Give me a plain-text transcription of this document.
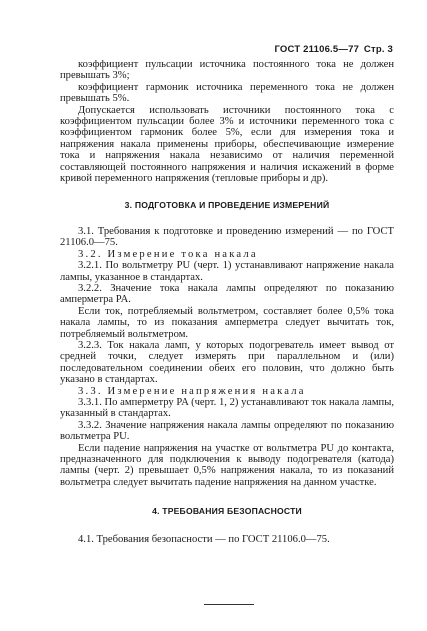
ГОСТ 21106.5—77 Стр. 3

коэффициент пульсации источника постоянного тока не должен превышать 3%;

коэффициент гармоник источника переменного тока не должен превышать 5%.

Допускается использовать источники постоянного тока с коэффициентом пульсации более 3% и источники переменного тока с коэффициентом гармоник более 5%, если для измерения тока и напряжения накала применены приборы, обеспечивающие измерение тока и напряжения накала независимо от наличия переменной составляющей постоянного напряжения и наличия искажений в форме кривой переменного напряжения (тепловые приборы и др).

3. ПОДГОТОВКА И ПРОВЕДЕНИЕ ИЗМЕРЕНИЙ

3.1. Требования к подготовке и проведению измерений — по ГОСТ 21106.0—75.

3.2. Измерение тока накала

3.2.1. По вольтметру PU (черт. 1) устанавливают напряжение накала лампы, указанное в стандартах.

3.2.2. Значение тока накала лампы определяют по показанию амперметра PA.

Если ток, потребляемый вольтметром, составляет более 0,5% тока накала лампы, то из показания амперметра следует вычитать ток, потребляемый вольтметром.

3.2.3. Ток накала ламп, у которых подогреватель имеет вывод от средней точки, следует измерять при параллельном и (или) последовательном соединении обеих его половин, что должно быть указано в стандартах.

3.3. Измерение напряжения накала

3.3.1. По амперметру PA (черт. 1, 2) устанавливают ток накала лампы, указанный в стандартах.

3.3.2. Значение напряжения накала лампы определяют по показанию вольтметра PU.

Если падение напряжения на участке от вольтметра PU до контакта, предназначенного для подключения к выводу подогревателя (катода) лампы (черт. 2) превышает 0,5% напряжения накала, то из показаний вольтметра следует вычитать падение напряжения на данном участке.

4. ТРЕБОВАНИЯ БЕЗОПАСНОСТИ

4.1. Требования безопасности — по ГОСТ 21106.0—75.
